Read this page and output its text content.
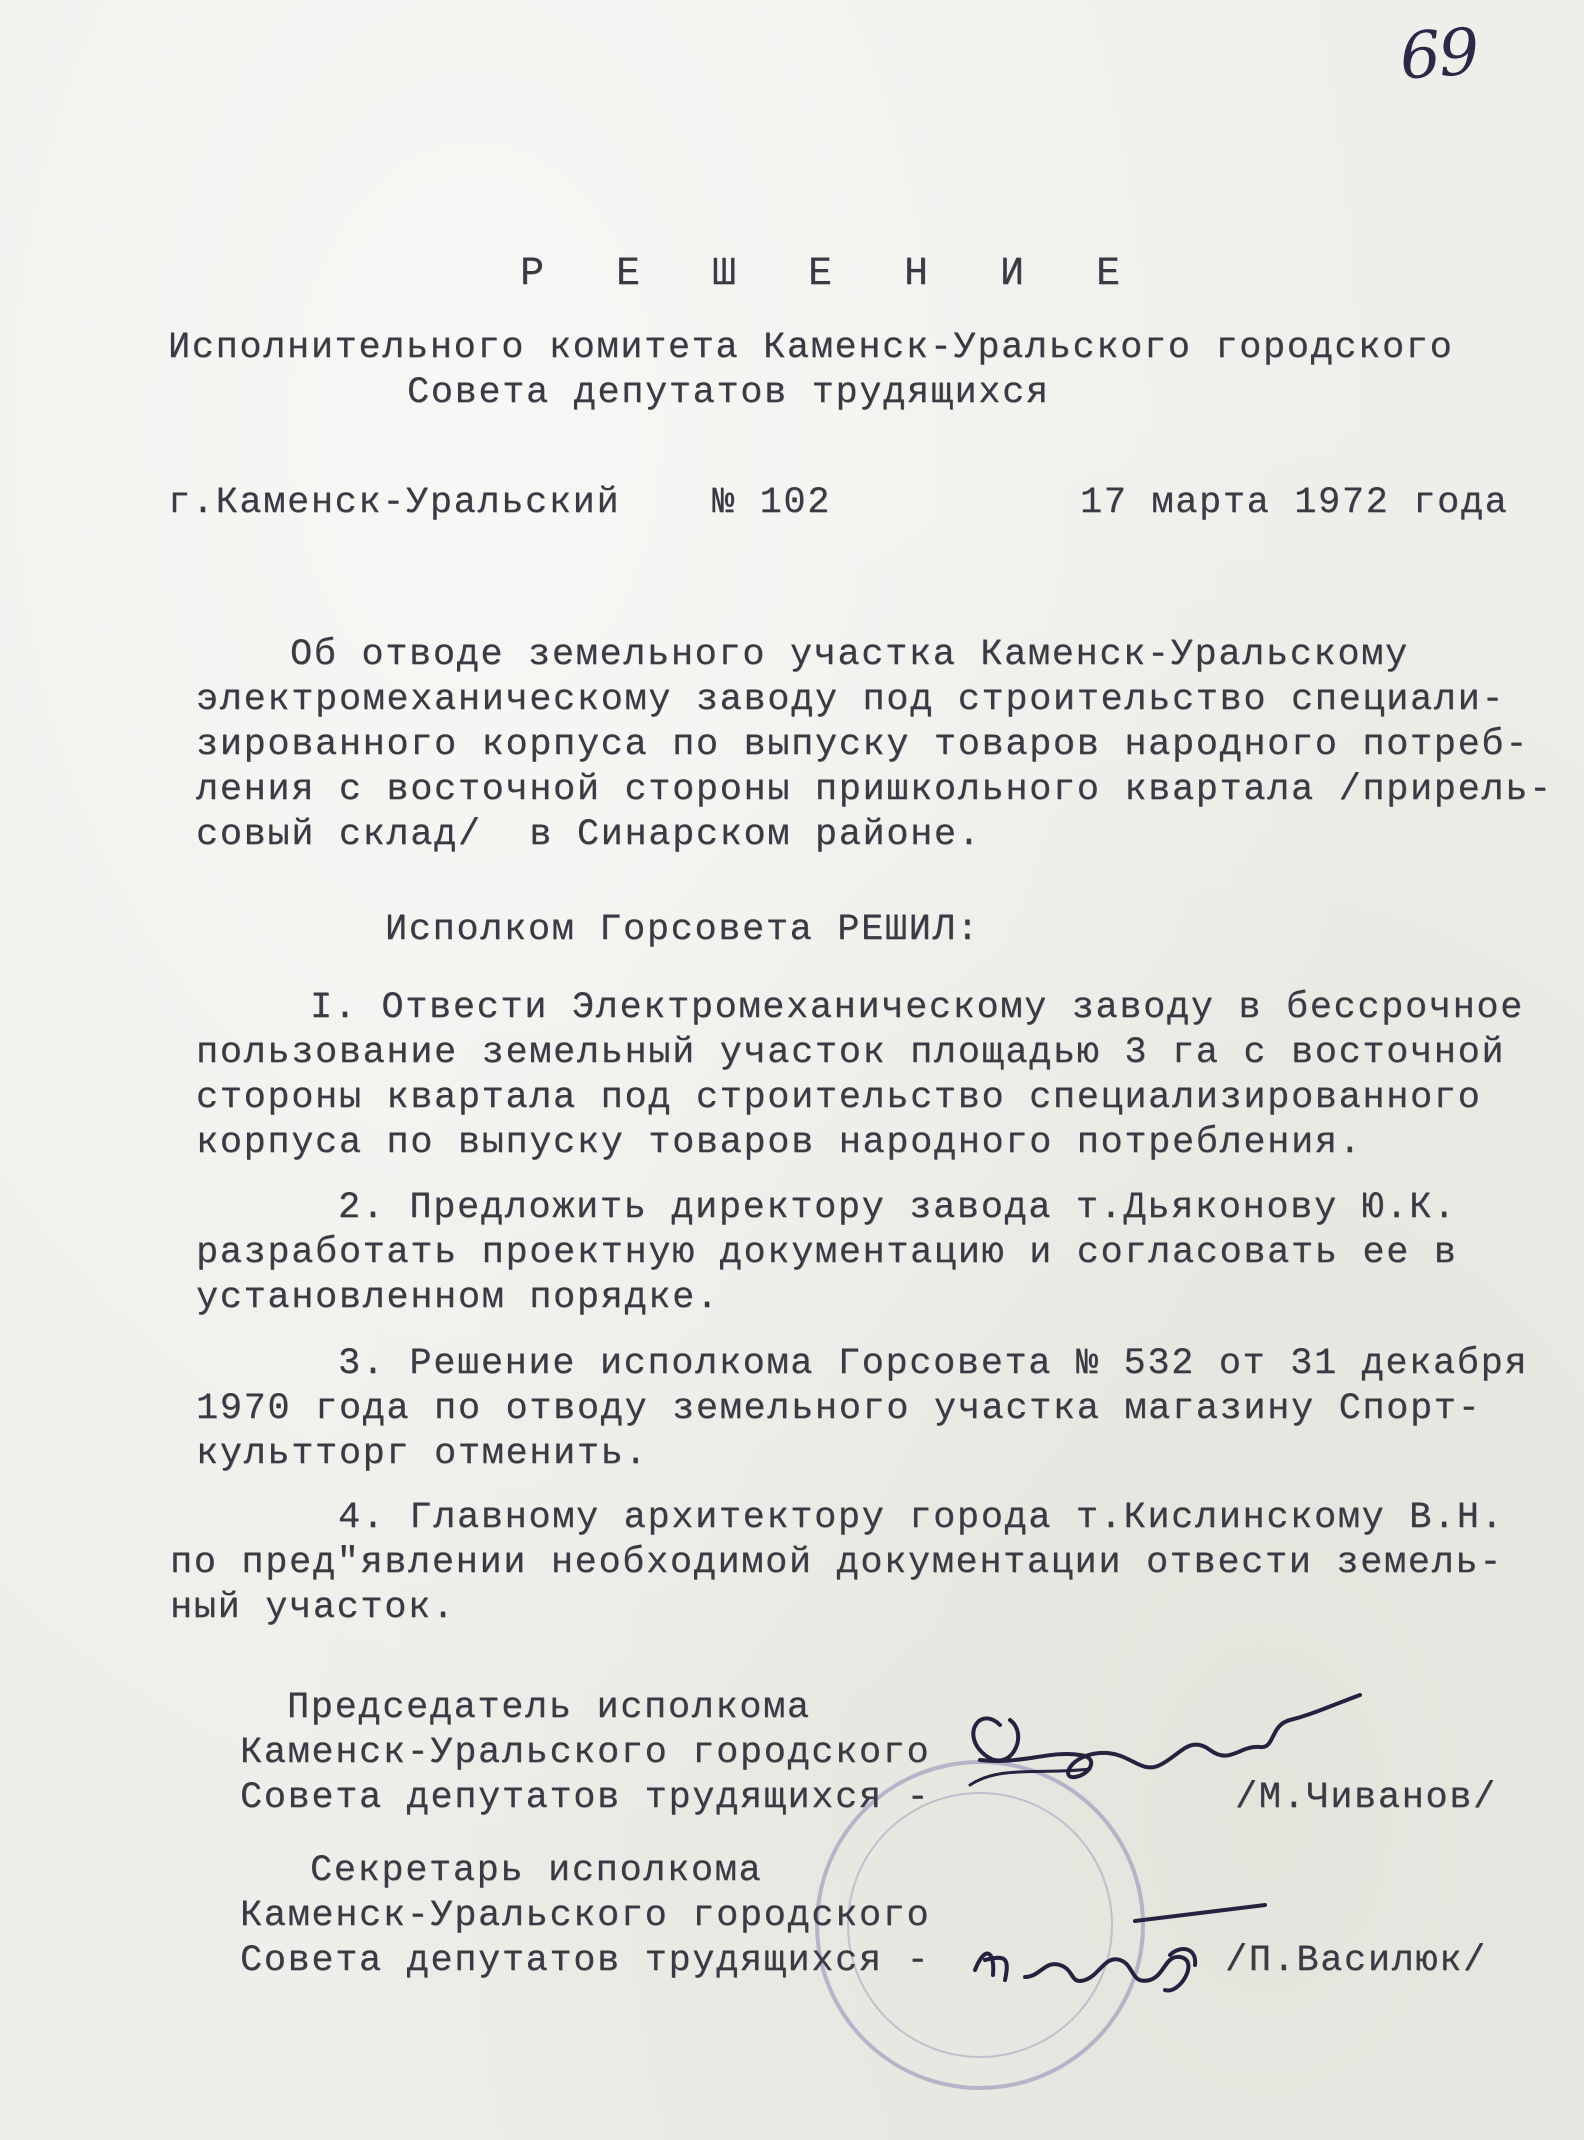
69
Р Е Ш Е Н И Е
Исполнительного комитета Каменск-Уральского городского
Совета депутатов трудящихся
г.Каменск-Уральский № 102	17 марта 1972 года
Об отводе земельного участка Каменск-Уральскому
электромеханическому заводу под строительство специали-
зированного корпуса по выпуску товаров народного потреб-
ления с восточной стороны пришкольного квартала /прирель-
совый склад/  в Синарском районе.
Исполком Горсовета РЕШИЛ:
I. Отвести Электромеханическому заводу в бессрочное
пользование земельный участок площадью 3 га с восточной
стороны квартала под строительство специализированного
корпуса по выпуску товаров народного потребления.
2. Предложить директору завода т.Дьяконову Ю.К.
разработать проектную документацию и согласовать ее в
установленном порядке.
3. Решение исполкома Горсовета № 532 от 31 декабря
1970 года по отводу земельного участка магазину Спорт-
культторг отменить.
4. Главному архитектору города т.Кислинскому В.Н.
по пред"явлении необходимой документации отвести земель-
ный участок.
Председатель исполкома
Каменск-Уральского городского
Совета депутатов трудящихся -	/М.Чиванов/
Секретарь исполкома
Каменск-Уральского городского
Совета депутатов трудящихся -	/П.Василюк/
